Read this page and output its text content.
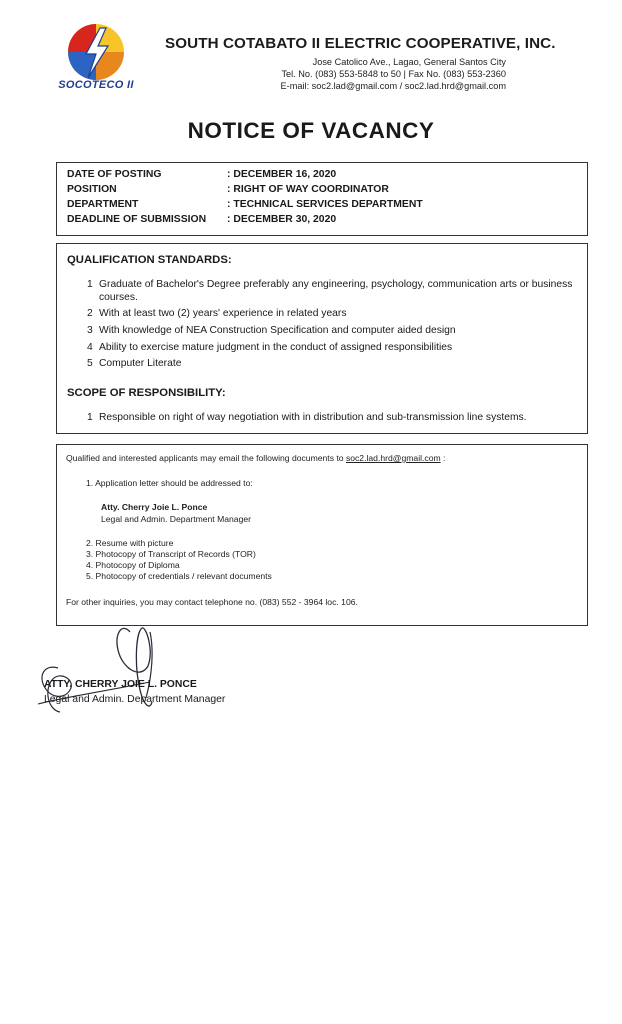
SOCOTECO II
SOUTH COTABATO II ELECTRIC COOPERATIVE, INC.
Jose Catolico Ave., Lagao, General Santos City
Tel. No. (083) 553-5848 to 50 | Fax No. (083) 553-2360
E-mail: soc2.lad@gmail.com / soc2.lad.hrd@gmail.com
NOTICE OF VACANCY
DATE OF POSTING	: DECEMBER 16, 2020
POSITION	: RIGHT OF WAY COORDINATOR
DEPARTMENT	: TECHNICAL SERVICES DEPARTMENT
DEADLINE OF SUBMISSION : DECEMBER 30, 2020
QUALIFICATION STANDARDS:
1 Graduate of Bachelor's Degree preferably any engineering, psychology, communication arts or business courses.
2 With at least two (2) years' experience in related years
3 With knowledge of NEA Construction Specification and computer aided design
4 Ability to exercise mature judgment in the conduct of assigned responsibilities
5 Computer Literate
SCOPE OF RESPONSIBILITY:
1 Responsible on right of way negotiation with in distribution and sub-transmission line systems.
Qualified and interested applicants may email the following documents to soc2.lad.hrd@gmail.com :
1. Application letter should be addressed to:
Atty. Cherry Joie L. Ponce
Legal and Admin. Department Manager
2. Resume with picture
3. Photocopy of Transcript of Records (TOR)
4. Photocopy of Diploma
5. Photocopy of credentials / relevant documents
For other inquiries, you may contact telephone no. (083) 552 - 3964 loc. 106.
ATTY. CHERRY JOIE L. PONCE
Legal and Admin. Department Manager
